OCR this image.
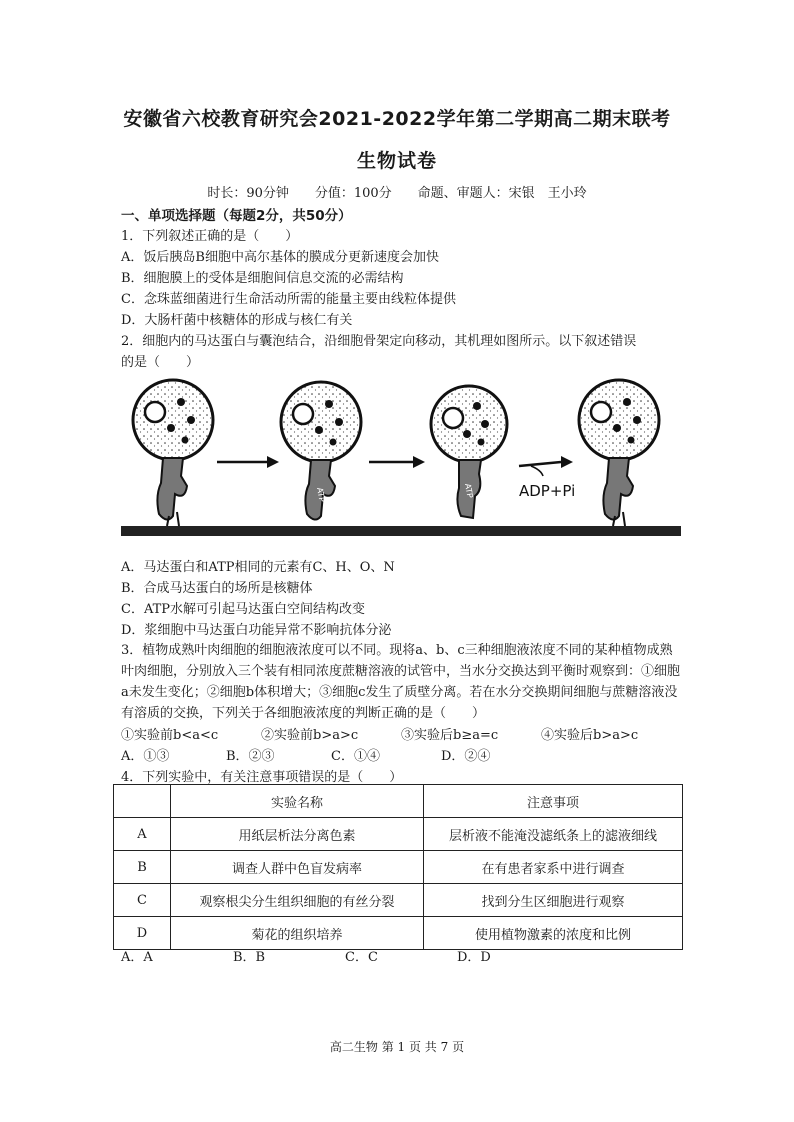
安徽省六校教育研究会2021-2022学年第二学期高二期末联考
生物试卷
时长：90分钟　　分值：100分　　命题、审题人：宋银　王小玲
一、单项选择题（每题2分，共50分）
1．下列叙述正确的是（　　）
A．饭后胰岛B细胞中高尔基体的膜成分更新速度会加快
B．细胞膜上的受体是细胞间信息交流的必需结构
C．念珠蓝细菌进行生命活动所需的能量主要由线粒体提供
D．大肠杆菌中核糖体的形成与核仁有关
2．细胞内的马达蛋白与囊泡结合，沿细胞骨架定向移动，其机理如图所示。以下叙述错误
的是（　　）
ATP	ATP	ADP+Pi
A．马达蛋白和ATP相同的元素有C、H、O、N
B．合成马达蛋白的场所是核糖体
C．ATP水解可引起马达蛋白空间结构改变
D．浆细胞中马达蛋白功能异常不影响抗体分泌
3．植物成熟叶肉细胞的细胞液浓度可以不同。现将a、b、c三种细胞液浓度不同的某种植物成熟叶肉细胞，分别放入三个装有相同浓度蔗糖溶液的试管中，当水分交换达到平衡时观察到：①细胞a未发生变化；②细胞b体积增大；③细胞c发生了质壁分离。若在水分交换期间细胞与蔗糖溶液没有溶质的交换，下列关于各细胞液浓度的判断正确的是（　　）
①实验前b<a<c	②实验前b>a>c	③实验后b≥a=c	④实验后b>a>c
A．①③	B．②③	C．①④	D．②④
4．下列实验中，有关注意事项错误的是（　　）
	实验名称	注意事项
A	用纸层析法分离色素	层析液不能淹没滤纸条上的滤液细线
B	调查人群中色盲发病率	在有患者家系中进行调查
C	观察根尖分生组织细胞的有丝分裂	找到分生区细胞进行观察
D	菊花的组织培养	使用植物激素的浓度和比例
A．A	B．B	C．C	D．D
高二生物 第 1 页 共 7 页
